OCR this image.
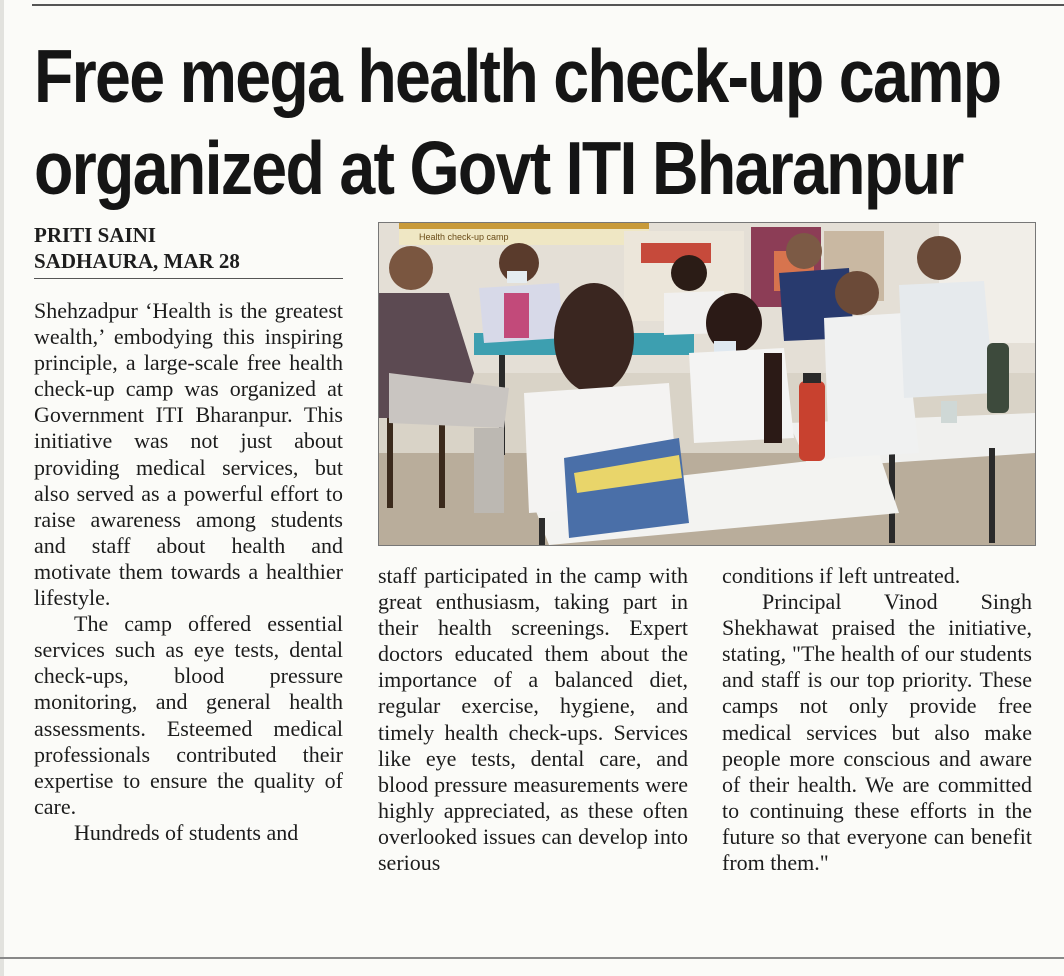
Free mega health check-up camp
organized at Govt ITI Bharanpur
PRITI SAINI
SADHAURA, MAR 28
Health check-up camp

Shehzadpur ‘Health is the greatest wealth,’ embodying this inspiring principle, a large-scale free health check-up camp was organized at Government ITI Bharanpur. This initiative was not just about providing medical services, but also served as a powerful effort to raise awareness among students and staff about health and motivate them towards a healthier lifestyle.

The camp offered essential services such as eye tests, dental check-ups, blood pressure monitoring, and general health assessments. Esteemed medical professionals contributed their expertise to ensure the quality of care.

Hundreds of students and

staff participated in the camp with great enthusiasm, taking part in their health screenings. Expert doctors educated them about the importance of a balanced diet, regular exercise, hygiene, and timely health check-ups. Services like eye tests, dental care, and blood pressure measurements were highly appreciated, as these often overlooked issues can develop into serious

conditions if left untreated.

Principal Vinod Singh Shekhawat praised the initiative, stating, "The health of our students and staff is our top priority. These camps not only provide free medical services but also make people more conscious and aware of their health. We are committed to continuing these efforts in the future so that everyone can benefit from them."
